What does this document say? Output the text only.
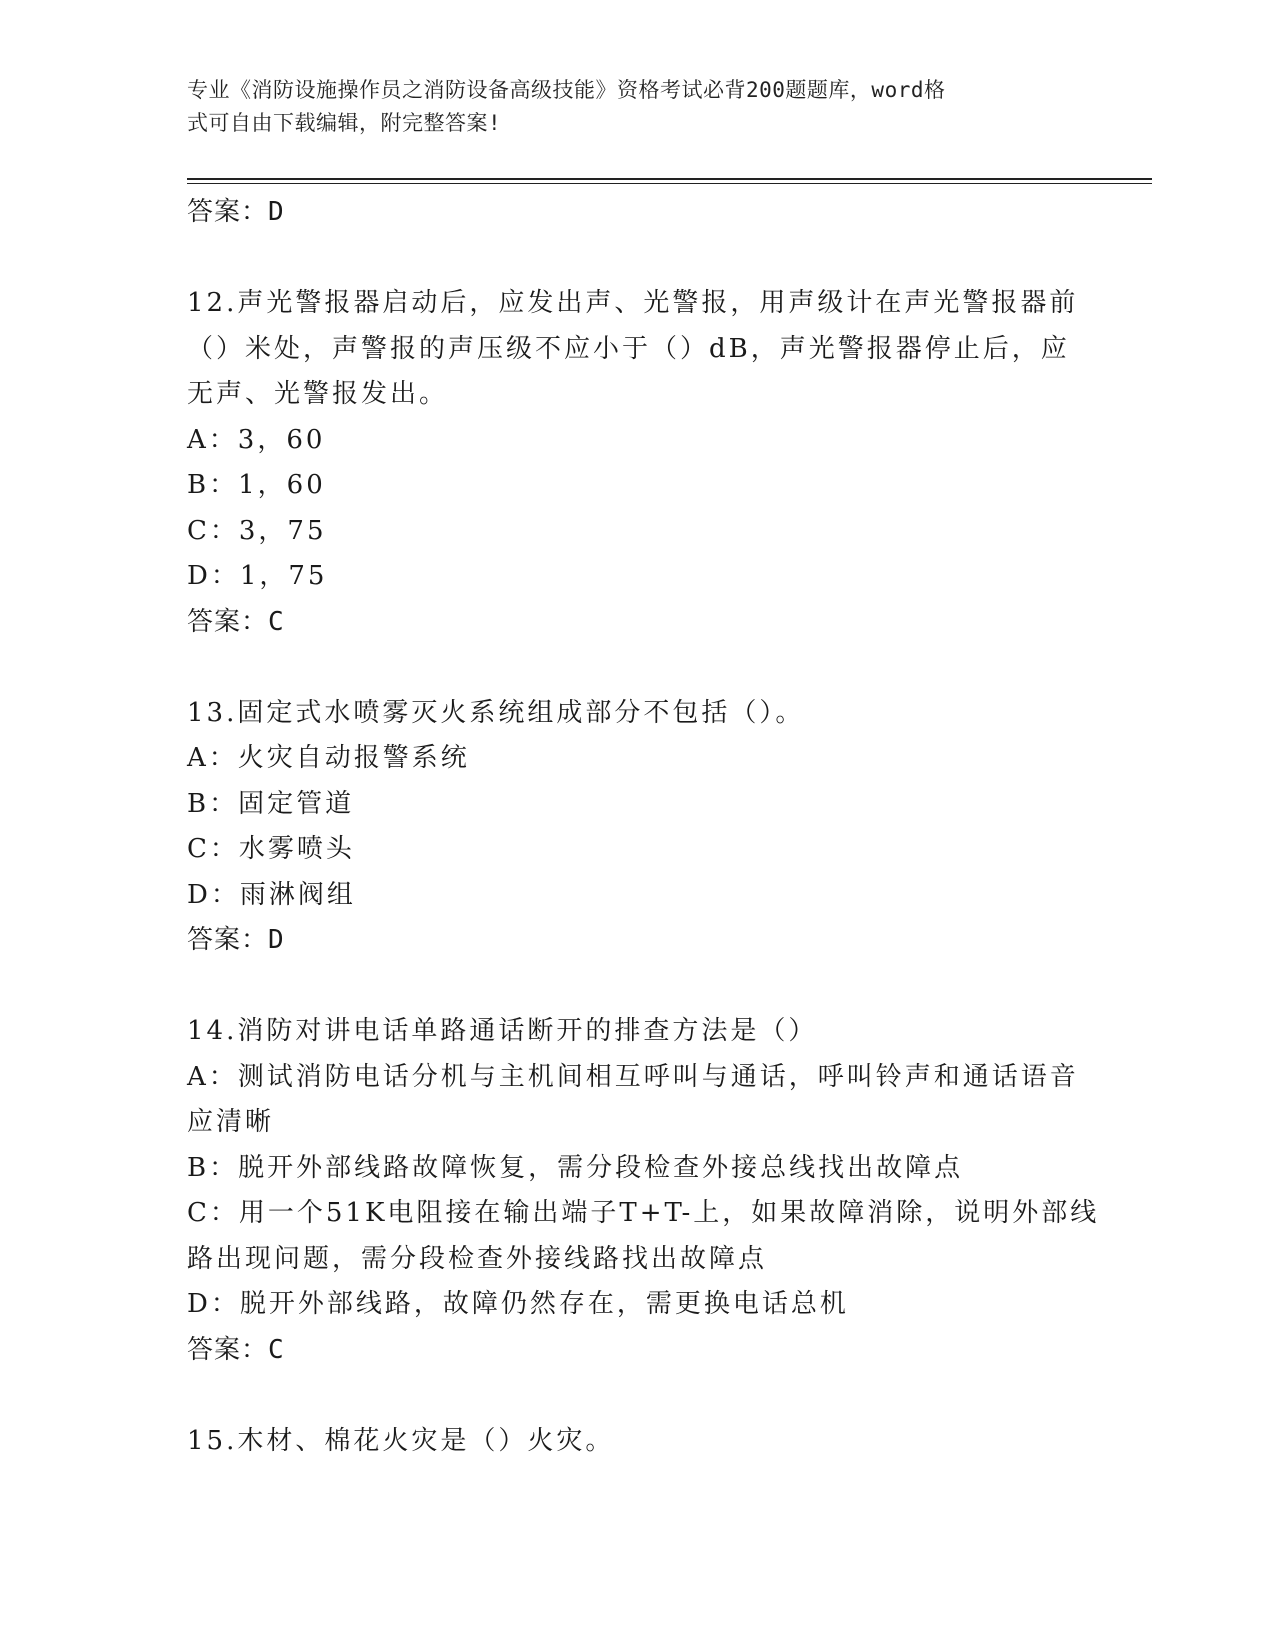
专业《消防设施操作员之消防设备高级技能》资格考试必背200题题库，word格
式可自由下载编辑，附完整答案!
答案：D
12.声光警报器启动后，应发出声、光警报，用声级计在声光警报器前
（）米处，声警报的声压级不应小于（）dB，声光警报器停止后，应
无声、光警报发出。
A：3，60
B：1，60
C：3，75
D：1，75
答案：C
13.固定式水喷雾灭火系统组成部分不包括（）。
A：火灾自动报警系统
B：固定管道
C：水雾喷头
D：雨淋阀组
答案：D
14.消防对讲电话单路通话断开的排查方法是（）
A：测试消防电话分机与主机间相互呼叫与通话，呼叫铃声和通话语音
应清晰
B：脱开外部线路故障恢复，需分段检查外接总线找出故障点
C：用一个51K电阻接在输出端子T+T-上，如果故障消除，说明外部线
路出现问题，需分段检查外接线路找出故障点
D：脱开外部线路，故障仍然存在，需更换电话总机
答案：C
15.木材、棉花火灾是（）火灾。
